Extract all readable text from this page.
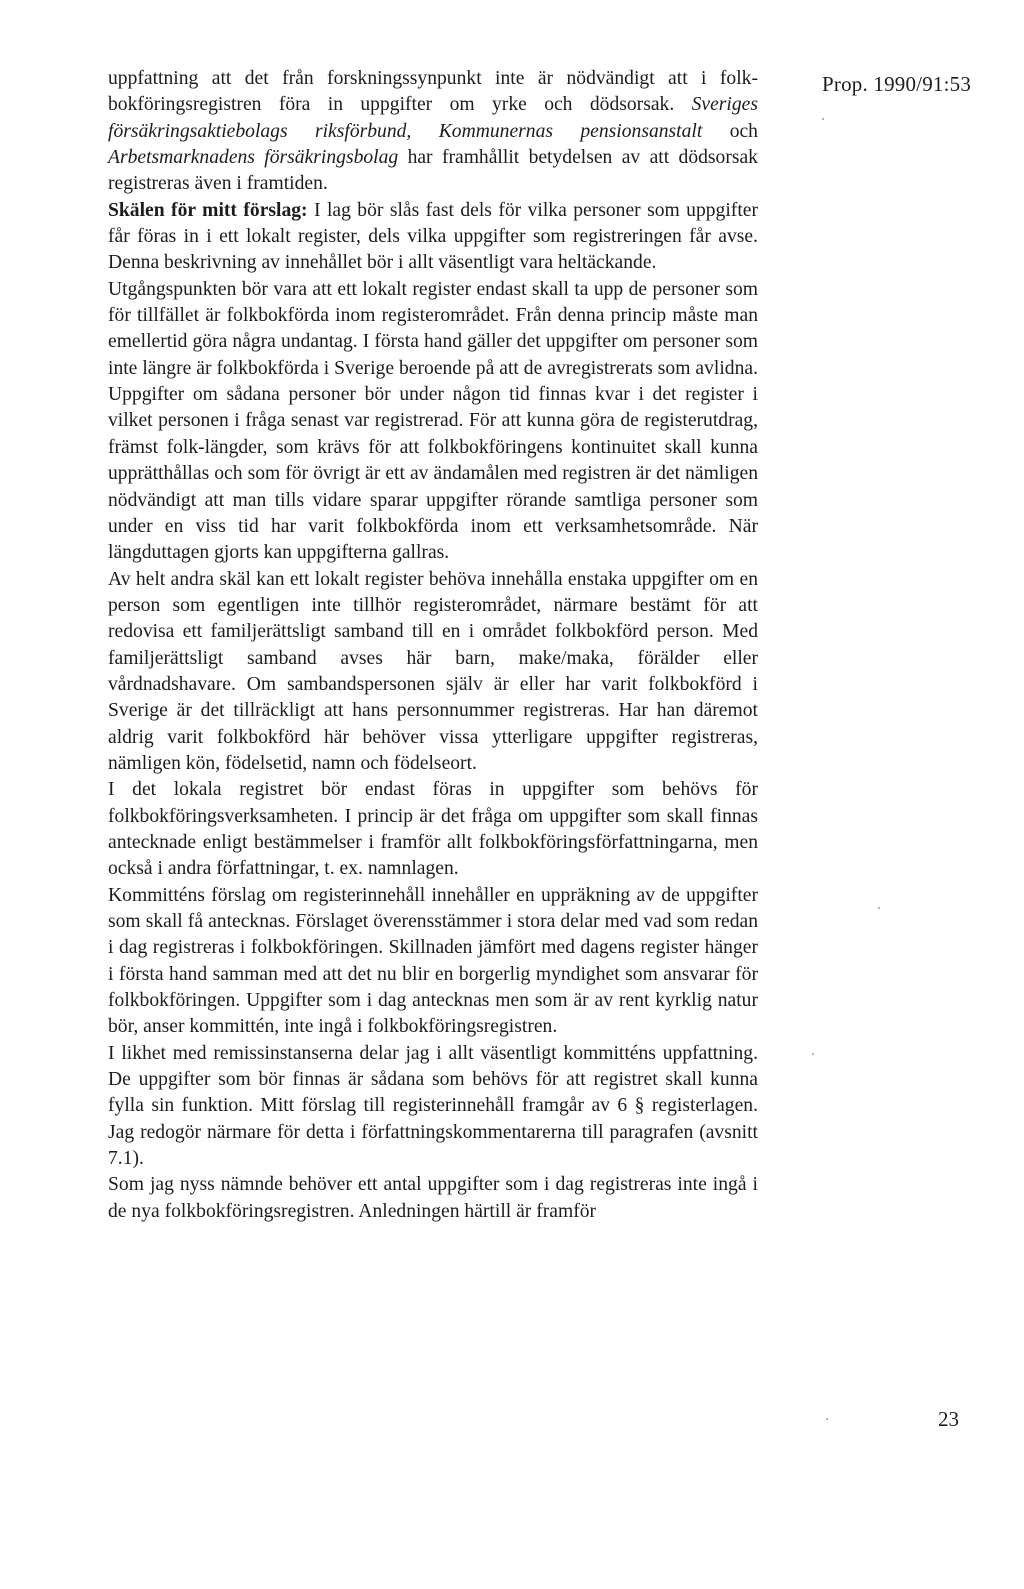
Prop. 1990/91:53

uppfattning att det från forskningssynpunkt inte är nödvändigt att i folk-bokföringsregistren föra in uppgifter om yrke och dödsorsak. Sveriges försäkringsaktiebolags riksförbund, Kommunernas pensionsanstalt och Arbetsmarknadens försäkringsbolag har framhållit betydelsen av att dödsorsak registreras även i framtiden.

Skälen för mitt förslag: I lag bör slås fast dels för vilka personer som uppgifter får föras in i ett lokalt register, dels vilka uppgifter som registreringen får avse. Denna beskrivning av innehållet bör i allt väsentligt vara heltäckande.

Utgångspunkten bör vara att ett lokalt register endast skall ta upp de personer som för tillfället är folkbokförda inom registerområdet. Från denna princip måste man emellertid göra några undantag. I första hand gäller det uppgifter om personer som inte längre är folkbokförda i Sverige beroende på att de avregistrerats som avlidna. Uppgifter om sådana personer bör under någon tid finnas kvar i det register i vilket personen i fråga senast var registrerad. För att kunna göra de registerutdrag, främst folk-längder, som krävs för att folkbokföringens kontinuitet skall kunna upprätthållas och som för övrigt är ett av ändamålen med registren är det nämligen nödvändigt att man tills vidare sparar uppgifter rörande samtliga personer som under en viss tid har varit folkbokförda inom ett verksamhetsområde. När längduttagen gjorts kan uppgifterna gallras.

Av helt andra skäl kan ett lokalt register behöva innehålla enstaka uppgifter om en person som egentligen inte tillhör registerområdet, närmare bestämt för att redovisa ett familjerättsligt samband till en i området folkbokförd person. Med familjerättsligt samband avses här barn, make/maka, förälder eller vårdnadshavare. Om sambandspersonen själv är eller har varit folkbokförd i Sverige är det tillräckligt att hans personnummer registreras. Har han däremot aldrig varit folkbokförd här behöver vissa ytterligare uppgifter registreras, nämligen kön, födelsetid, namn och födelseort.

I det lokala registret bör endast föras in uppgifter som behövs för folkbokföringsverksamheten. I princip är det fråga om uppgifter som skall finnas antecknade enligt bestämmelser i framför allt folkbokföringsförfattningarna, men också i andra författningar, t. ex. namnlagen.

Kommitténs förslag om registerinnehåll innehåller en uppräkning av de uppgifter som skall få antecknas. Förslaget överensstämmer i stora delar med vad som redan i dag registreras i folkbokföringen. Skillnaden jämfört med dagens register hänger i första hand samman med att det nu blir en borgerlig myndighet som ansvarar för folkbokföringen. Uppgifter som i dag antecknas men som är av rent kyrklig natur bör, anser kommittén, inte ingå i folkbokföringsregistren.

I likhet med remissinstanserna delar jag i allt väsentligt kommitténs uppfattning. De uppgifter som bör finnas är sådana som behövs för att registret skall kunna fylla sin funktion. Mitt förslag till registerinnehåll framgår av 6 § registerlagen. Jag redogör närmare för detta i författningskommentarerna till paragrafen (avsnitt 7.1).

Som jag nyss nämnde behöver ett antal uppgifter som i dag registreras inte ingå i de nya folkbokföringsregistren. Anledningen härtill är framför

23
